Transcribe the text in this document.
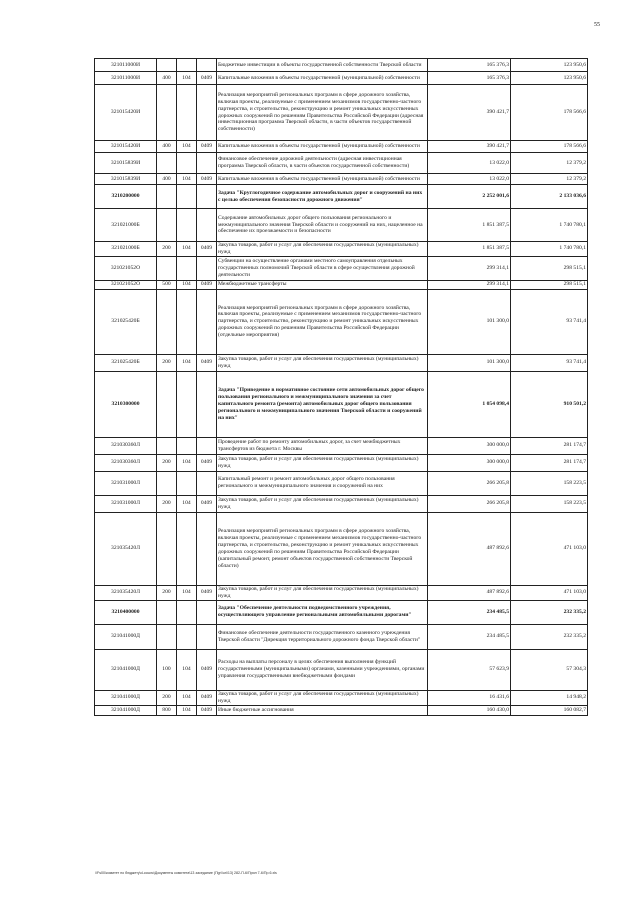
55
321011000И				Бюджетные инвестиции в объекты государственной собственности Тверской области	165 376,3	123 950,6
321011000И	400	104	0409	Капитальные вложения в объекты государственной (муниципальной) собственности	165 376,3	123 950,6
321015420И				Реализация мероприятий региональных программ в сфере дорожного хозяйства, включая проекты, реализуемые с применением механизмов государственно-частного партнерства, и строительство, реконструкцию и ремонт уникальных искусственных дорожных сооружений по решениям Правительства Российской Федерации (адресная инвестиционная программа Тверской области, в части объектов государственной собственности)	390 421,7	178 566,6
321015420И	400	104	0409	Капитальные вложения в объекты государственной (муниципальной) собственности	390 421,7	178 566,6
321015839И				Финансовое обеспечение дорожной деятельности (адресная инвестиционная программа Тверской области, в части объектов государственной собственности)	13 022,0	12 379,2
321015839И	400	104	0409	Капитальные вложения в объекты государственной (муниципальной) собственности	13 022,0	12 379,2
3210200000				Задача "Круглогодичное содержание автомобильных дорог и сооружений на них с целью обеспечения безопасности дорожного движения"	2 252 001,6	2 133 036,6
321021000Б				Содержание автомобильных дорог общего пользования регионального и межмуниципального значения Тверской области и сооружений на них, нацеленное на обеспечение их проезжаемости и безопасности	1 851 387,5	1 740 780,1
321021000Б	200	104	0409	Закупка товаров, работ и услуг для обеспечения государственных (муниципальных) нужд	1 851 387,5	1 740 780,1
321021052О				Субвенции на осуществление органами местного самоуправления отдельных государственных полномочий Тверской области в сфере осуществления дорожной деятельности	299 314,1	298 515,1
321021052О	500	104	0409	Межбюджетные трансферты	299 314,1	298 515,1
321025420Б				Реализация мероприятий региональных программ в сфере дорожного хозяйства, включая проекты, реализуемые с применением механизмов государственно-частного партнерства, и строительство, реконструкцию и ремонт уникальных искусственных дорожных сооружений по решениям Правительства Российской Федерации (отдельные мероприятия)	101 300,0	93 741,4
321025420Б	200	104	0409	Закупка товаров, работ и услуг для обеспечения государственных (муниципальных) нужд	101 300,0	93 741,4
3210300000				Задача "Приведение в нормативное состояние сети автомобильных дорог общего пользования регионального и межмуниципального значения за счет капитального ремонта (ремонта) автомобильных дорог общего пользования регионального и межмуниципального значения Тверской области и сооружений на них"	1 054 098,4	910 501,2
321030360Л				Проведение работ по ремонту автомобильных дорог, за счет межбюджетных трансфертов из бюджета г. Москвы	300 000,0	281 174,7
321030360Л	200	104	0409	Закупка товаров, работ и услуг для обеспечения государственных (муниципальных) нужд	300 000,0	281 174,7
321031000Л				Капитальный ремонт и ремонт автомобильных дорог общего пользования регионального и межмуниципального значения и сооружений на них	266 205,8	158 223,5
321031000Л	200	104	0409	Закупка товаров, работ и услуг для обеспечения государственных (муниципальных) нужд	266 205,8	158 223,5
321035420Л				Реализация мероприятий региональных программ в сфере дорожного хозяйства, включая проекты, реализуемые с применением механизмов государственно-частного партнерства, и строительство, реконструкцию и ремонт уникальных искусственных дорожных сооружений по решениям Правительства Российской Федерации (капитальный ремонт, ремонт объектов государственной собственности Тверской области)	487 892,6	471 103,0
321035420Л	200	104	0409	Закупка товаров, работ и услуг для обеспечения государственных (муниципальных) нужд	487 892,6	471 103,0
3210400000				Задача "Обеспечение деятельности подведомственного учреждения, осуществляющего управление региональными автомобильными дорогами"	234 485,5	232 335,2
321041000Д				Финансовое обеспечение деятельности государственного казенного учреждения Тверской области "Дирекция территориального дорожного фонда Тверской области"	234 485,5	232 335,2
321041000Д	100	104	0409	Расходы на выплаты персоналу в целях обеспечения выполнения функций государственными (муниципальными) органами, казенными учреждениями, органами управления государственными внебюджетными фондами	57 623,9	57 304,3
321041000Д	200	104	0409	Закупка товаров, работ и услуг для обеспечения государственных (муниципальных) нужд	16 431,6	14 948,2
321041000Д	800	104	0409	Иные бюджетные ассигнования	160 430,0	160 082,7
\\Fs00\комитет по бюджету\d-ссылк\Документы комитета\13 заседание (Пgr\\uri\13) 282-П-6\Прил 7-6\Пр.6.xls
